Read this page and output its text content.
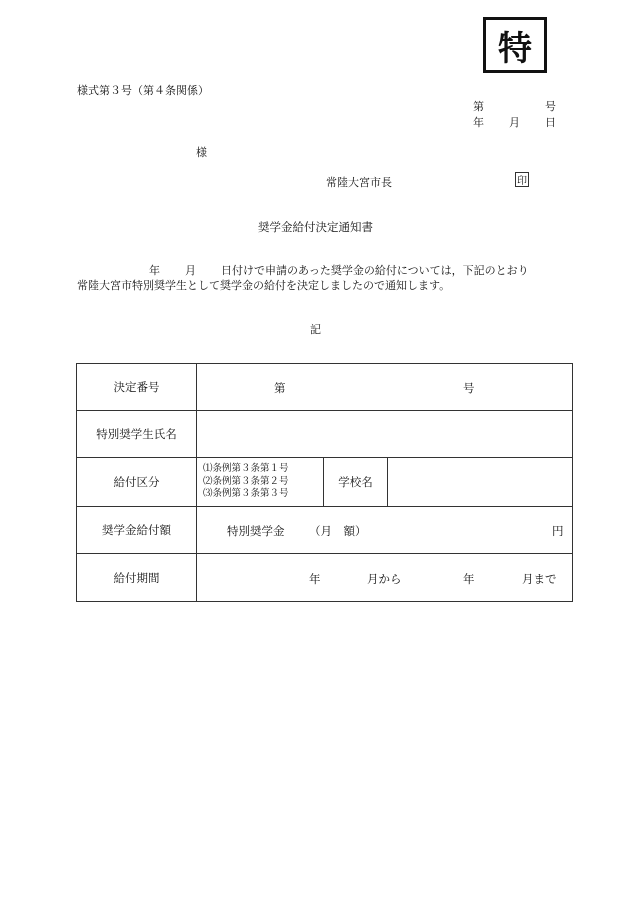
特
様式第３号（第４条関係）
第	号
年 月 日
様
常陸大宮市長	印
奨学金給付決定通知書
年 月 日付けで申請のあった奨学金の給付については，下記のとおり
常陸大宮市特別奨学生として奨学金の給付を決定しましたので通知します。
記
決定番号	第 号		

特別奨学生氏名			
給付区分	⑴条例第３条第１号
⑵条例第３条第２号
⑶条例第３条第３号	学校名	
奨学金給付額	特別奨学金 （月　額） 円		

給付期間	年 月から 年 月まで		
